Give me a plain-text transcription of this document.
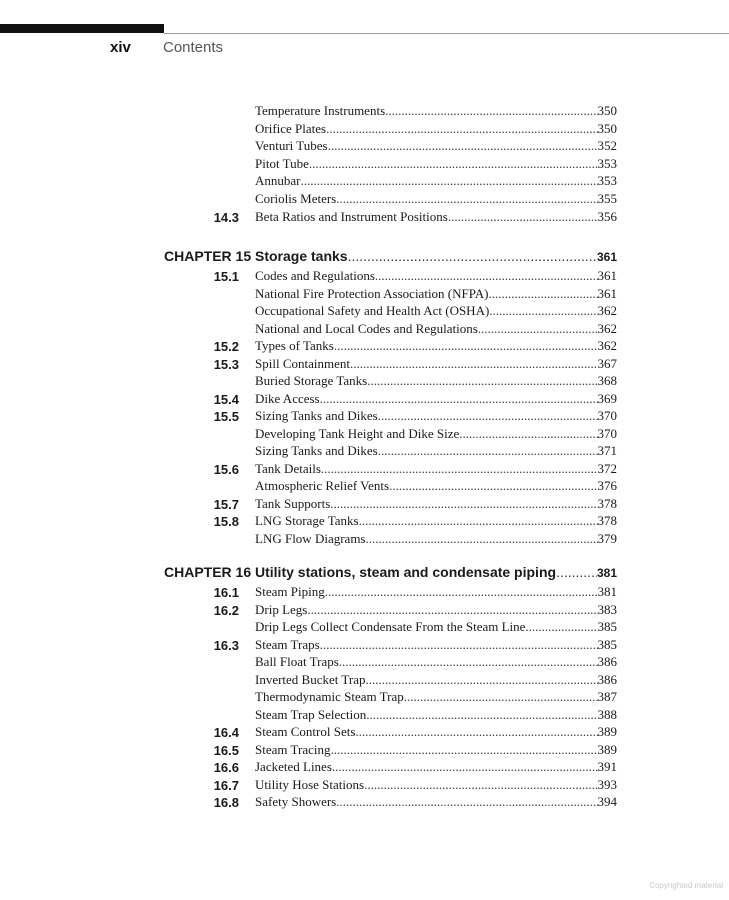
xiv Contents
Temperature Instruments .....	350
Orifice Plates .....	350
Venturi Tubes .....	352
Pitot Tube .....	353
Annubar .....	353
Coriolis Meters .....	355
14.3 Beta Ratios and Instrument Positions .....	356
CHAPTER 15 Storage tanks .....	361
15.1 Codes and Regulations .....	361
National Fire Protection Association (NFPA) .....	361
Occupational Safety and Health Act (OSHA) .....	362
National and Local Codes and Regulations .....	362
15.2 Types of Tanks .....	362
15.3 Spill Containment .....	367
Buried Storage Tanks .....	368
15.4 Dike Access .....	369
15.5 Sizing Tanks and Dikes .....	370
Developing Tank Height and Dike Size .....	370
Sizing Tanks and Dikes .....	371
15.6 Tank Details .....	372
Atmospheric Relief Vents .....	376
15.7 Tank Supports .....	378
15.8 LNG Storage Tanks .....	378
LNG Flow Diagrams .....	379
CHAPTER 16 Utility stations, steam and condensate piping .....	381
16.1 Steam Piping .....	381
16.2 Drip Legs .....	383
Drip Legs Collect Condensate From the Steam Line .....	385
16.3 Steam Traps .....	385
Ball Float Traps .....	386
Inverted Bucket Trap .....	386
Thermodynamic Steam Trap .....	387
Steam Trap Selection .....	388
16.4 Steam Control Sets .....	389
16.5 Steam Tracing .....	389
16.6 Jacketed Lines .....	391
16.7 Utility Hose Stations .....	393
16.8 Safety Showers .....	394
Copyrighted material
